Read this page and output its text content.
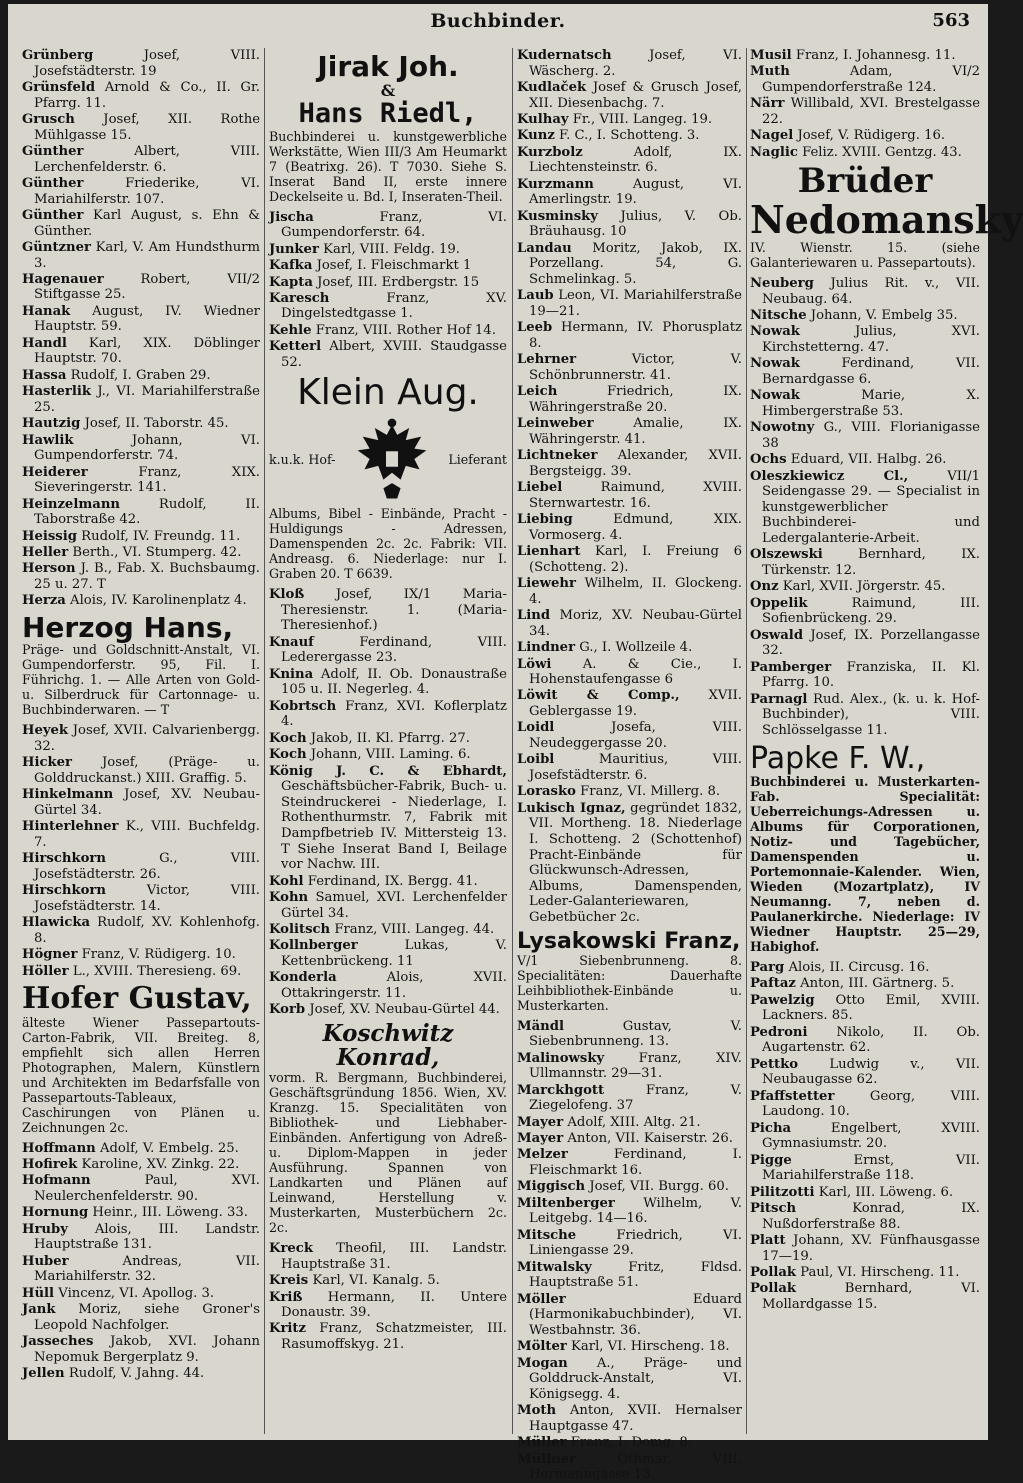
Buchbinder.	563
Grünberg	Josef, VIII. Josefstädterstr. 19
Grünsfeld Arnold & Co., II. Gr. Pfarrg. 11.
Grusch Josef, XII. Rothe Mühlgasse 15.
Günther	Albert, VIII. Lerchenfelderstr. 6.
Günther	Friederike, VI. Mariahilferstr. 107.
Günther Karl August, s. Ehn & Günther.
Güntzner Karl, V. Am Hundsthurm 3.
Hagenauer	Robert, VII/2 Stiftgasse 25.
Hanak August, IV. Wiedner Hauptstr. 59.
Handl Karl, XIX. Döblinger Hauptstr. 70.
Hassa Rudolf, I. Graben 29.
Hasterlik J., VI. Mariahilferstraße 25.
Hautzig Josef, II. Taborstr. 45.
Hawlik	Johann, VI. Gumpendorferstr. 74.
Heiderer	Franz, XIX. Sieveringerstr. 141.
Heinzelmann	Rudolf, II. Taborstraße 42.
Heissig Rudolf, IV. Freundg. 11.
Heller Berth., VI. Stumperg. 42.
Herson J. B., Fab. X. Buchsbaumg. 25 u. 27. T
Herza Alois, IV. Karolinenplatz 4.
Herzog Hans,
Präge- und Goldschnitt-Anstalt, VI. Gumpendorferstr. 95, Fil. I. Führichg. 1. — Alle Arten von Gold- u. Silberdruck für Cartonnage- u. Buchbinderwaren. — T
Heyek Josef, XVII. Calvarienbergg. 32.
Hicker Josef, (Präge- u. Golddruckanst.) XIII. Graffig. 5.
Hinkelmann Josef, XV. Neubau-Gürtel 34.
Hinterlehner K., VIII. Buchfeldg. 7.
Hirschkorn	G., VIII. Josefstädterstr. 26.
Hirschkorn	Victor, VIII. Josefstädterstr. 14.
Hlawicka Rudolf, XV. Kohlenhofg. 8.
Högner Franz, V. Rüdigerg. 10.
Höller L., XVIII. Theresieng. 69.
Hofer Gustav,
älteste Wiener Passepartouts-Carton-Fabrik, VII. Breiteg. 8, empfiehlt sich allen Herren Photographen, Malern, Künstlern und Architekten im Bedarfsfalle von Passepartouts-Tableaux, Caschirungen von Plänen u. Zeichnungen 2c.
Hoffmann Adolf, V. Embelg. 25.
Hofirek Karoline, XV. Zinkg. 22.
Hofmann	Paul, XVI. Neulerchenfelderstr. 90.
Hornung Heinr., III. Löweng. 33.
Hruby Alois, III. Landstr. Hauptstraße 131.
Huber	Andreas, VII. Mariahilferstr. 32.
Hüll Vincenz, VI. Apollog. 3.
Jank Moriz, siehe Groner's Leopold Nachfolger.
Jasseches Jakob, XVI. Johann Nepomuk Bergerplatz 9.
Jellen Rudolf, V. Jahng. 44.
Jirak Joh.
&
Hans Riedl,
Buchbinderei u. kunstgewerbliche Werkstätte, Wien III/3 Am Heumarkt 7 (Beatrixg. 26). T 7030. Siehe S. Inserat Band II, erste innere Deckelseite u. Bd. I, Inseraten-Theil.
Jischa	Franz, VI. Gumpendorferstr. 64.
Junker Karl, VIII. Feldg. 19.
Kafka Josef, I. Fleischmarkt 1
Kapta Josef, III. Erdbergstr. 15
Karesch	Franz, XV. Dingelstedtgasse 1.
Kehle Franz, VIII. Rother Hof 14.
Ketterl Albert, XVIII. Staudgasse 52.
Klein Aug.
k.u.k. Hof-	Lieferant
Albums, Bibel - Einbände, Pracht - Huldigungs - Adressen, Damenspenden 2c. 2c. Fabrik: VII. Andreasg. 6. Niederlage: nur I. Graben 20. T 6639.
Kloß Josef, IX/1 Maria-Theresienstr. 1. (Maria-Theresienhof.)
Knauf	Ferdinand, VIII. Lederergasse 23.
Knina Adolf, II. Ob. Donaustraße 105 u. II. Negerleg. 4.
Kobrtsch Franz, XVI. Koflerplatz 4.
Koch Jakob, II. Kl. Pfarrg. 27.
Koch Johann, VIII. Laming. 6.
König J. C. & Ebhardt, Geschäftsbücher-Fabrik, Buch- u. Steindruckerei - Niederlage, I. Rothenthurmstr. 7, Fabrik mit Dampfbetrieb IV. Mittersteig 13. T Siehe Inserat Band I, Beilage vor Nachw. III.
Kohl Ferdinand, IX. Bergg. 41.
Kohn Samuel, XVI. Lerchenfelder Gürtel 34.
Kolitsch Franz, VIII. Langeg. 44.
Kollnberger	Lukas, V. Kettenbrückeng. 11
Konderla	Alois, XVII. Ottakringerstr. 11.
Korb Josef, XV. Neubau-Gürtel 44.
Koschwitz Konrad,
vorm. R. Bergmann, Buchbinderei, Geschäftsgründung 1856. Wien, XV. Kranzg. 15. Specialitäten von Bibliothek- und Liebhaber-Einbänden. Anfertigung von Adreß- u. Diplom-Mappen in jeder Ausführung. Spannen von Landkarten und Plänen auf Leinwand, Herstellung v. Musterkarten, Musterbüchern 2c. 2c.
Kreck Theofil, III. Landstr. Hauptstraße 31.
Kreis Karl, VI. Kanalg. 5.
Kriß Hermann, II. Untere Donaustr. 39.
Kritz Franz, Schatzmeister, III. Rasumoffskyg. 21.
Kudernatsch	Josef, VI. Wäscherg. 2.
Kudlaček Josef & Grusch Josef, XII. Diesenbachg. 7.
Kulhay Fr., VIII. Langeg. 19.
Kunz F. C., I. Schotteng. 3.
Kurzbolz	Adolf, IX. Liechtensteinstr. 6.
Kurzmann	August, VI. Amerlingstr. 19.
Kusminsky Julius, V. Ob. Bräuhausg. 10
Landau Moritz, Jakob, IX. Porzellang. 54, G. Schmelinkag. 5.
Laub Leon, VI. Mariahilferstraße 19—21.
Leeb Hermann, IV. Phorusplatz 8.
Lehrner	Victor, V. Schönbrunnerstr. 41.
Leich	Friedrich, IX. Währingerstraße 20.
Leinweber	Amalie, IX. Währingerstr. 41.
Lichtneker Alexander, XVII. Bergsteigg. 39.
Liebel	Raimund, XVIII. Sternwartestr. 16.
Liebing	Edmund, XIX. Vormoserg. 4.
Lienhart Karl, I. Freiung 6 (Schotteng. 2).
Liewehr Wilhelm, II. Glockeng. 4.
Lind Moriz, XV. Neubau-Gürtel 34.
Lindner G., I. Wollzeile 4.
Löwi A. & Cie., I. Hohenstaufengasse 6
Löwit & Comp., XVII. Geblergasse 19.
Loidl	Josefa, VIII. Neudeggergasse 20.
Loibl	Mauritius, VIII. Josefstädterstr. 6.
Lorasko Franz, VI. Millerg. 8.
Lukisch Ignaz, gegründet 1832, VII. Mortheng. 18. Niederlage I. Schotteng. 2 (Schottenhof) Pracht-Einbände für Glückwunsch-Adressen, Albums, Damenspenden, Leder-Galanteriewaren, Gebetbücher 2c.
Lysakowski Franz,
V/1 Siebenbrunneng. 8. Specialitäten: Dauerhafte Leihbibliothek-Einbände u. Musterkarten.
Mändl	Gustav, V. Siebenbrunneng. 13.
Malinowsky	Franz, XIV. Ullmannstr. 29—31.
Marckhgott	Franz, V. Ziegelofeng. 37
Mayer Adolf, XIII. Altg. 21.
Mayer Anton, VII. Kaiserstr. 26.
Melzer	Ferdinand, I. Fleischmarkt 16.
Miggisch Josef, VII. Burgg. 60.
Miltenberger Wilhelm, V. Leitgebg. 14—16.
Mitsche	Friedrich, VI. Liniengasse 29.
Mitwalsky	Fritz, Fldsd. Hauptstraße 51.
Möller	Eduard (Harmonikabuchbinder), VI. Westbahnstr. 36.
Mölter Karl, VI. Hirscheng. 18.
Mogan A., Präge- und Golddruck-Anstalt, VI. Königsegg. 4.
Moth Anton, XVII. Hernalser Hauptgasse 47.
Müller Franz, I. Domg. 8.
Müllner	Othmar, VIII. Hermanngasse 13.
Musil Franz, I. Johannesg. 11.
Muth	Adam, VI/2 Gumpendorferstraße 124.
Närr Willibald, XVI. Brestelgasse 22.
Nagel Josef, V. Rüdigerg. 16.
Naglic Feliz. XVIII. Gentzg. 43.
Brüder
Nedomansky
IV. Wienstr. 15. (siehe Galanteriewaren u. Passepartouts).
Neuberg Julius Rit. v., VII. Neubaug. 64.
Nitsche Johann, V. Embelg 35.
Nowak	Julius, XVI. Kirchstetterng. 47.
Nowak	Ferdinand, VII. Bernardgasse 6.
Nowak	Marie, X. Himbergerstraße 53.
Nowotny G., VIII. Florianigasse 38
Ochs Eduard, VII. Halbg. 26.
Oleszkiewicz Cl.,	VII/1 Seidengasse 29. — Specialist in kunstgewerblicher Buchbinderei- und Ledergalanterie-Arbeit.
Olszewski	Bernhard, IX. Türkenstr. 12.
Onz Karl, XVII. Jörgerstr. 45.
Oppelik	Raimund, III. Sofienbrückeng. 29.
Oswald Josef, IX. Porzellangasse 32.
Pamberger Franziska, II. Kl. Pfarrg. 10.
Parnagl Rud. Alex., (k. u. k. Hof-Buchbinder), VIII. Schlösselgasse 11.
Papke F. W.,
Buchbinderei u. Musterkarten-Fab. Specialität: Ueberreichungs-Adressen u. Albums für Corporationen, Notiz- und Tagebücher, Damenspenden u. Portemonnaie-Kalender. Wien, Wieden (Mozartplatz), IV Neumanng. 7, neben d. Paulanerkirche. Niederlage: IV Wiedner Hauptstr. 25—29, Habighof.
Parg Alois, II. Circusg. 16.
Paftaz Anton, III. Gärtnerg. 5.
Pawelzig Otto Emil, XVIII. Lackners. 85.
Pedroni Nikolo, II. Ob. Augartenstr. 62.
Pettko Ludwig v., VII. Neubaugasse 62.
Pfaffstetter	Georg, VIII. Laudong. 10.
Picha	Engelbert, XVIII. Gymnasiumstr. 20.
Pigge	Ernst, VII. Mariahilferstraße 118.
Pilitzotti Karl, III. Löweng. 6.
Pitsch	Konrad, IX. Nußdorferstraße 88.
Platt Johann, XV. Fünfhausgasse 17—19.
Pollak Paul, VI. Hirscheng. 11.
Pollak	Bernhard, VI. Mollardgasse 15.
